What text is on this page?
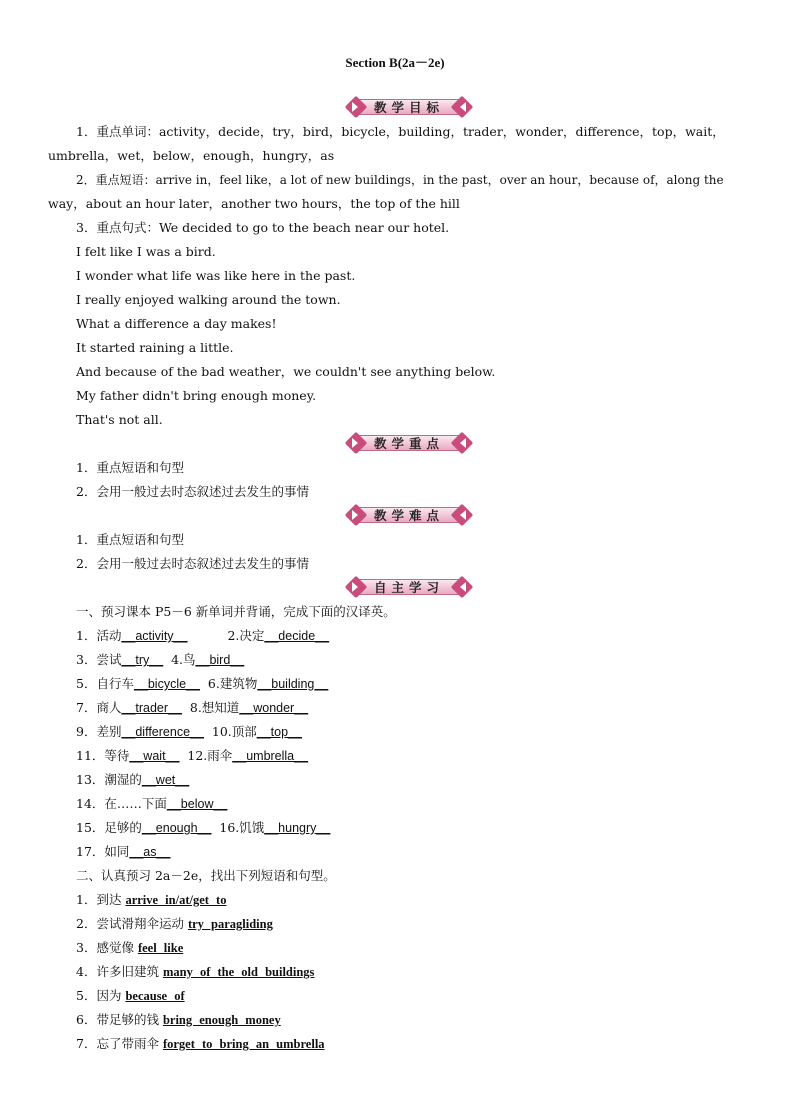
Section B(2a－2e)
教学目标
1．重点单词：activity，decide，try，bird，bicycle，building，trader，wonder，difference，top，wait，
umbrella，wet，below，enough，hungry，as
2．重点短语：arrive in，feel like，a lot of new buildings，in the past，over an hour，because of，along the
way，about an hour later，another two hours，the top of the hill
3．重点句式：We decided to go to the beach near our hotel.
I felt like I was a bird.
I wonder what life was like here in the past.
I really enjoyed walking around the town.
What a difference a day makes!
It started raining a little.
And because of the bad weather，we couldn't see anything below.
My father didn't bring enough money.
That's not all.
教学重点
1．重点短语和句型
2．会用一般过去时态叙述过去发生的事情
教学难点
1．重点短语和句型
2．会用一般过去时态叙述过去发生的事情
自主学习
一、预习课本 P5－6 新单词并背诵，完成下面的汉译英。
1．活动__activity__	2.决定__decide__
3．尝试__try__ 4.鸟__bird__
5．自行车__bicycle__ 6.建筑物__building__
7．商人__trader__ 8.想知道__wonder__
9．差别__difference__ 10.顶部__top__
11．等待__wait__ 12.雨伞__umbrella__
13．潮湿的__wet__
14．在……下面__below__
15．足够的__enough__ 16.饥饿__hungry__
17．如同__as__
二、认真预习 2a－2e，找出下列短语和句型。
1．到达 arrive in/at/get to
2．尝试滑翔伞运动 try paragliding
3．感觉像 feel like
4．许多旧建筑 many of the old buildings
5．因为 because of
6．带足够的钱 bring enough money
7．忘了带雨伞 forget to bring an umbrella
